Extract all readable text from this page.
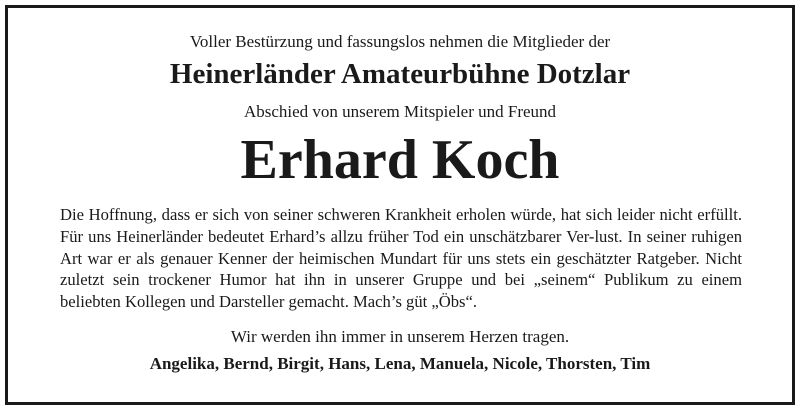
Voller Bestürzung und fassungslos nehmen die Mitglieder der
Heinerländer Amateurbühne Dotzlar
Abschied von unserem Mitspieler und Freund
Erhard Koch
Die Hoffnung, dass er sich von seiner schweren Krankheit erholen würde, hat sich leider nicht erfüllt. Für uns Heinerländer bedeutet Erhard’s allzu früher Tod ein unschätzbarer Ver-lust. In seiner ruhigen Art war er als genauer Kenner der heimischen Mundart für uns stets ein geschätzter Ratgeber. Nicht zuletzt sein trockener Humor hat ihn in unserer Gruppe und bei „seinem“ Publikum zu einem beliebten Kollegen und Darsteller gemacht. Mach’s güt „Öbs“.
Wir werden ihn immer in unserem Herzen tragen.
Angelika, Bernd, Birgit, Hans, Lena, Manuela, Nicole, Thorsten, Tim
